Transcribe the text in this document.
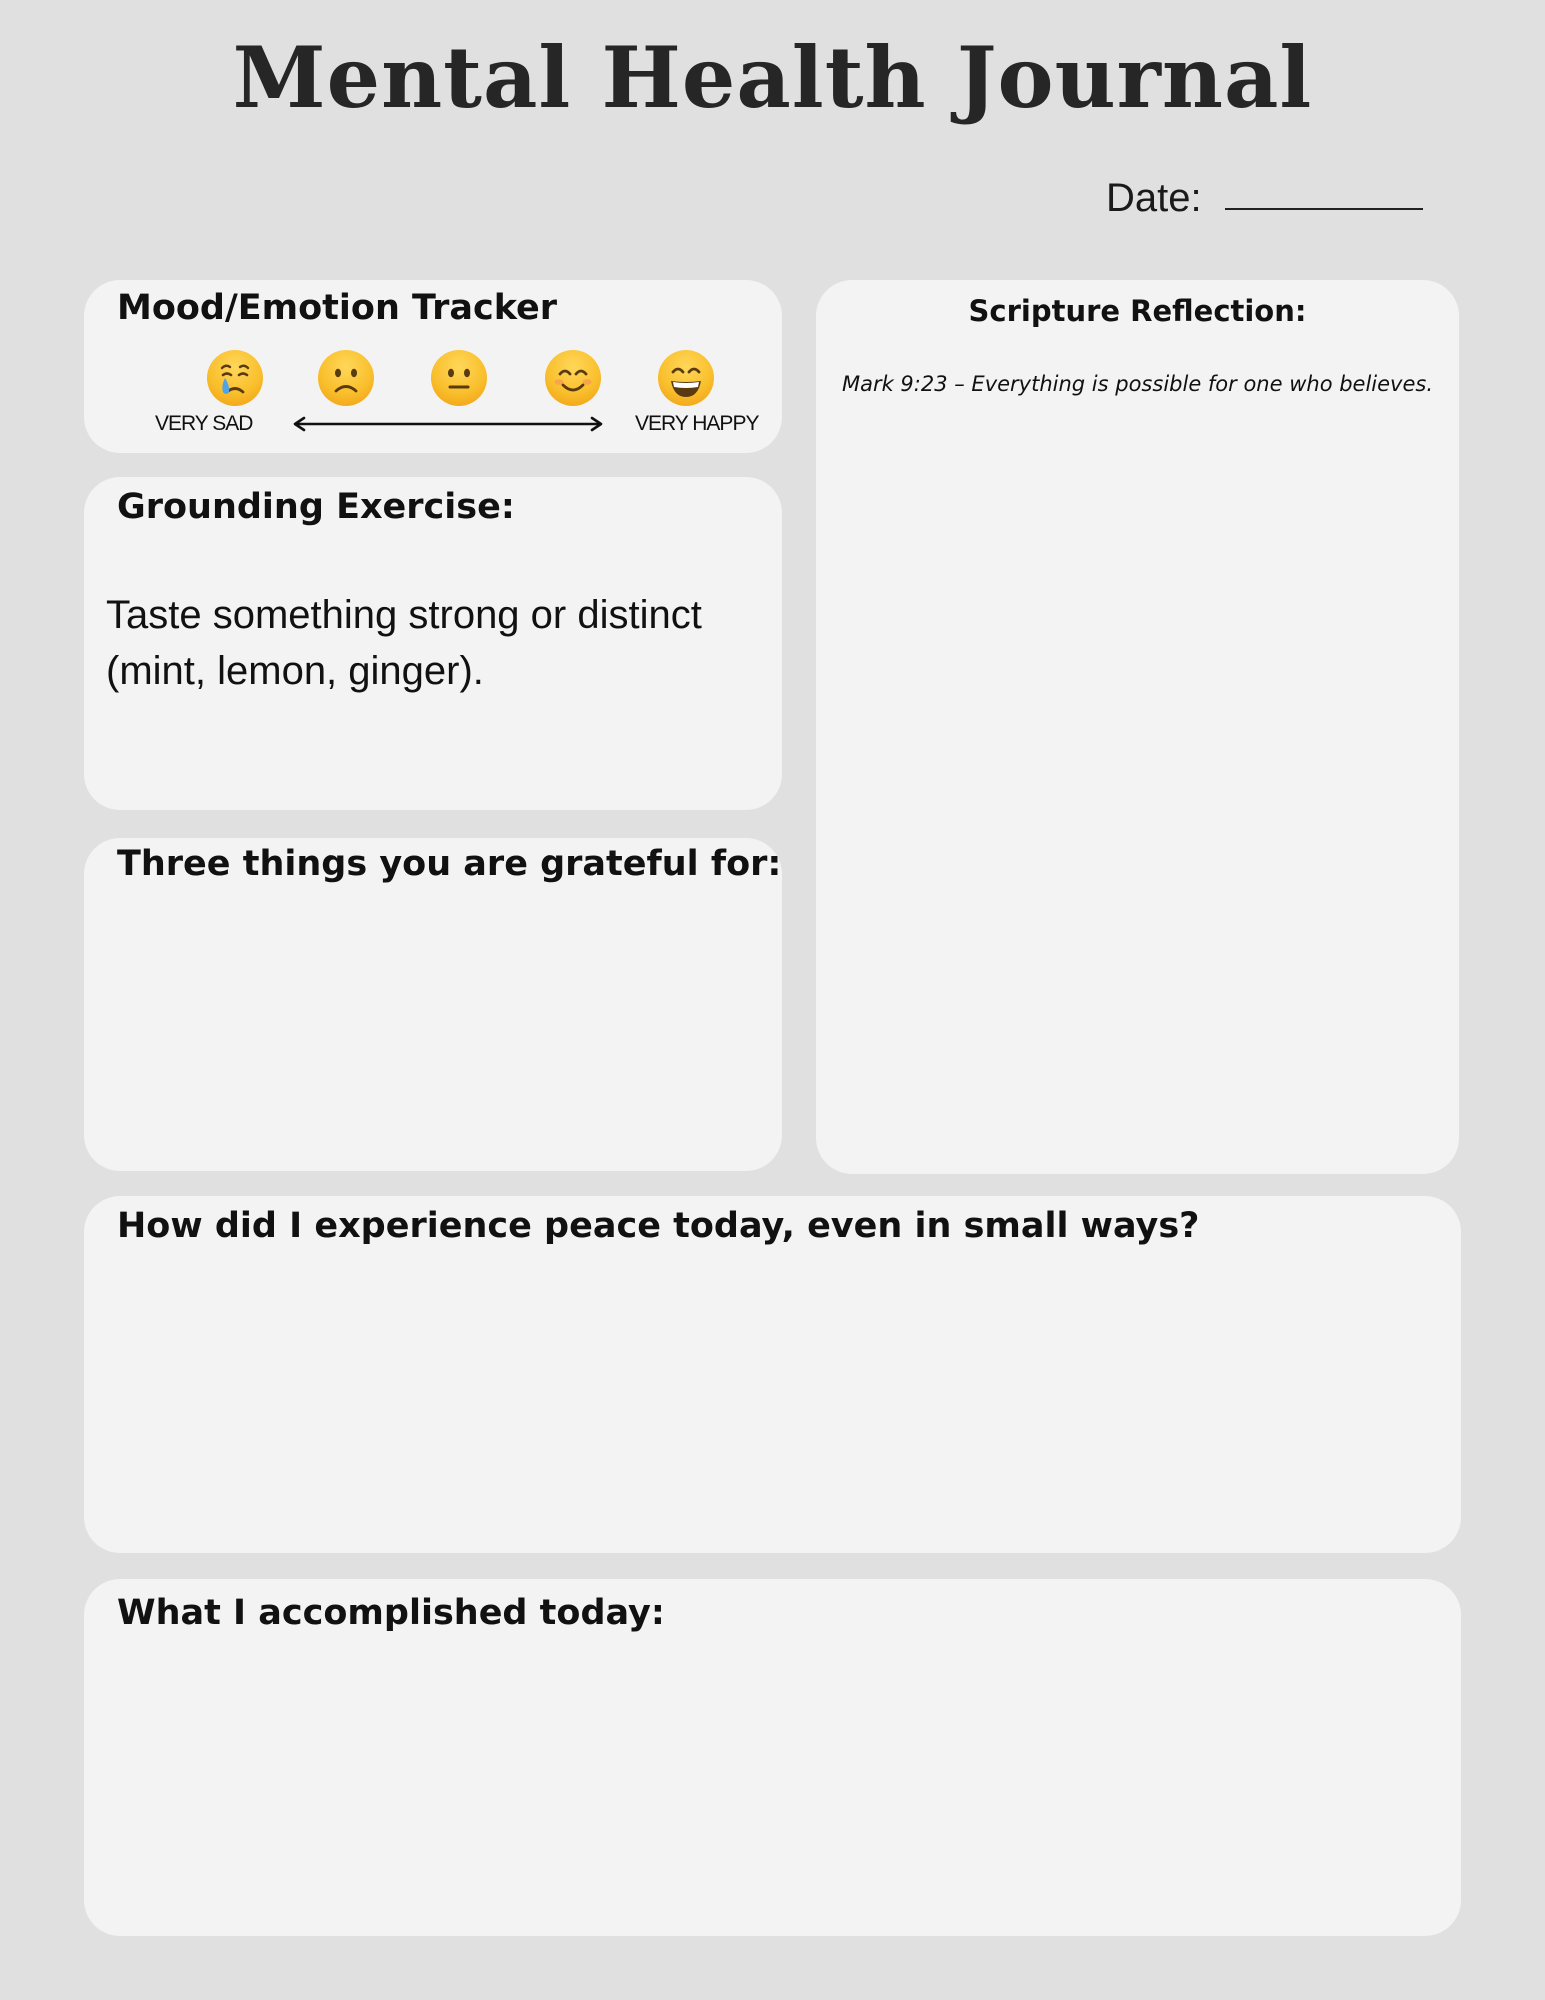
Mental Health Journal
Date:
Mood/Emotion Tracker
VERY SAD	VERY HAPPY
Grounding Exercise:
Taste something strong or distinct (mint, lemon, ginger).
Three things you are grateful for:
Scripture Reflection:
Mark 9:23 – Everything is possible for one who believes.
How did I experience peace today, even in small ways?
What I accomplished today:
